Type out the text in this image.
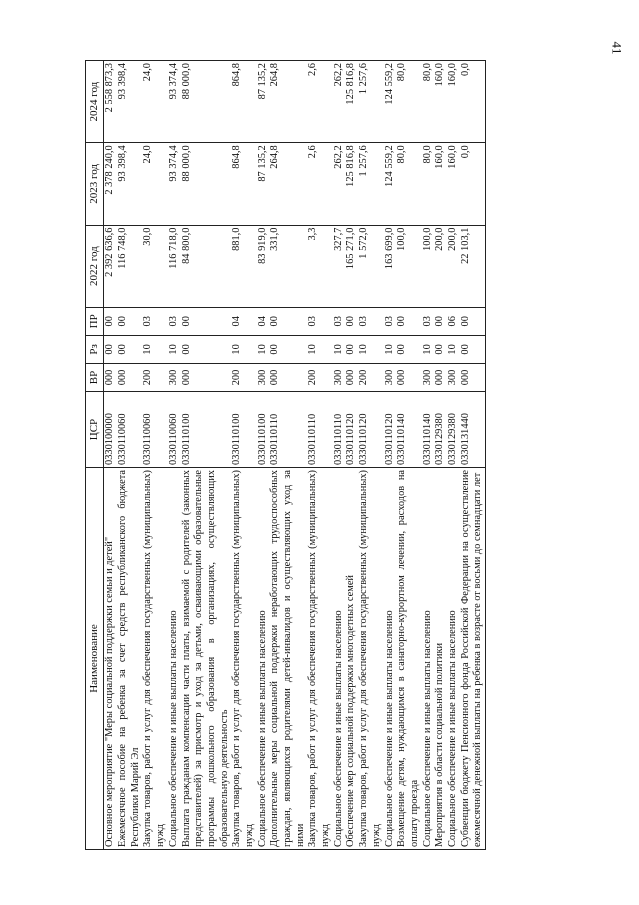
41
Наименование	ЦСР	ВР	Рз	ПР	2022 год	2023 год	2024 год
Основное мероприятие "Меры социальной поддержки семьи и детей"	0330100000	000	00	00	2 392 636,6	2 378 240,0	2 558 873,3
Ежемесячное пособие на ребенка за счет средств республиканского бюджета Республики Марий Эл	0330110060	000	00	00	116 748,0	93 398,4	93 398,4
Закупка товаров, работ и услуг для обеспечения государственных (муниципальных) нужд	0330110060	200	10	03	30,0	24,0	24,0
Социальное обеспечение и иные выплаты населению	0330110060	300	10	03	116 718,0	93 374,4	93 374,4
Выплата гражданам компенсации части платы, взимаемой с родителей (законных представителей) за присмотр и уход за детьми, осваивающими образовательные программы дошкольного образования в организациях, осуществляющих образовательную деятельность	0330110100	000	00	00	84 800,0	88 000,0	88 000,0
Закупка товаров, работ и услуг для обеспечения государственных (муниципальных) нужд	0330110100	200	10	04	881,0	864,8	864,8
Социальное обеспечение и иные выплаты населению	0330110100	300	10	04	83 919,0	87 135,2	87 135,2
Дополнительные меры социальной поддержки неработающих трудоспособных граждан, являющихся родителями детей-инвалидов и осуществляющих уход за ними	0330110110	000	00	00	331,0	264,8	264,8
Закупка товаров, работ и услуг для обеспечения государственных (муниципальных) нужд	0330110110	200	10	03	3,3	2,6	2,6
Социальное обеспечение и иные выплаты населению	0330110110	300	10	03	327,7	262,2	262,2
Обеспечение мер социальной поддержки многодетных семей	0330110120	000	00	00	165 271,0	125 816,8	125 816,8
Закупка товаров, работ и услуг для обеспечения государственных (муниципальных) нужд	0330110120	200	10	03	1 572,0	1 257,6	1 257,6
Социальное обеспечение и иные выплаты населению	0330110120	300	10	03	163 699,0	124 559,2	124 559,2
Возмещение детям, нуждающимся в санаторно-курортном лечении, расходов на оплату проезда	0330110140	000	00	00	100,0	80,0	80,0
Социальное обеспечение и иные выплаты населению	0330110140	300	10	03	100,0	80,0	80,0
Мероприятия в области социальной политики	0330129380	000	00	00	200,0	160,0	160,0
Социальное обеспечение и иные выплаты населению	0330129380	300	10	06	200,0	160,0	160,0
Субвенции бюджету Пенсионного фонда Российской Федерации на осуществление ежемесячной денежной выплаты на ребенка в возрасте от восьми до семнадцати лет	0330131440	000	00	00	22 103,1	0,0	0,0
